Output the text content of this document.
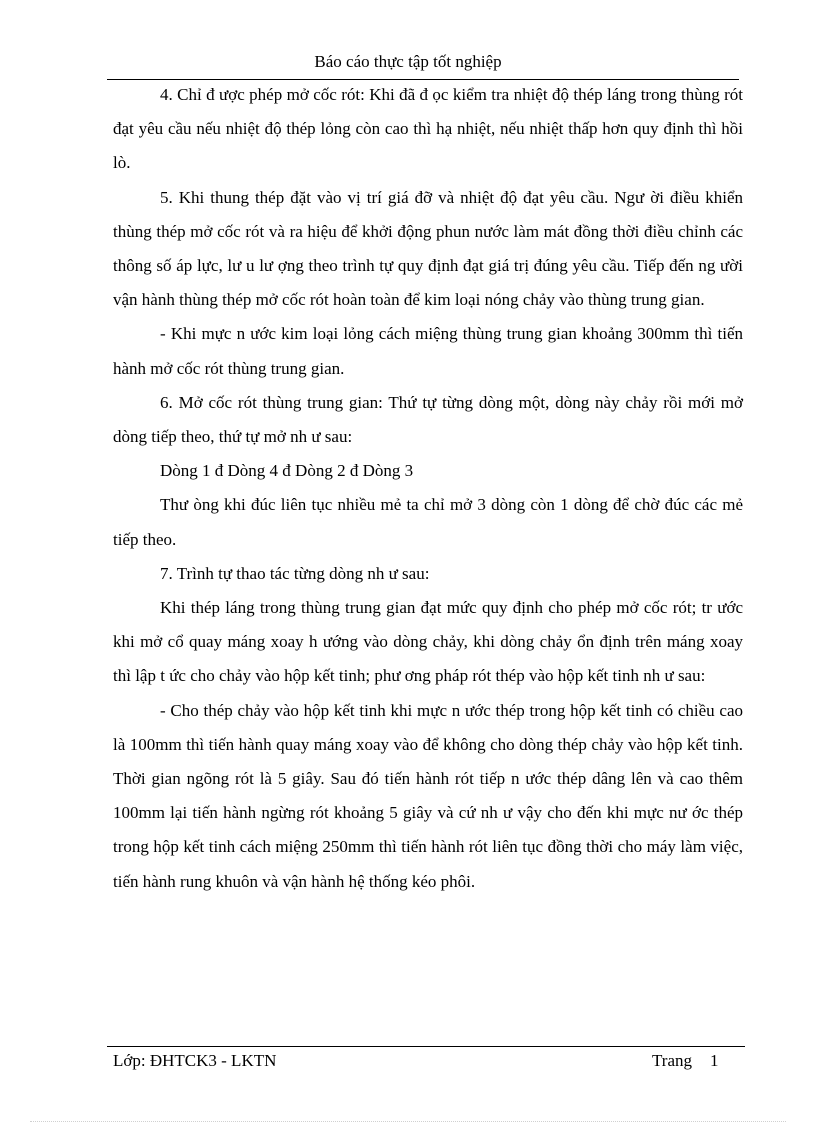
Báo cáo thực tập tốt nghiệp

4. Chỉ đ ược phép mở cốc rót: Khi đã đ ọc kiểm tra nhiệt độ thép láng trong thùng rót đạt yêu cầu nếu nhiệt độ thép lỏng còn cao thì hạ nhiệt, nếu nhiệt thấp hơn quy định thì hồi lò.

5. Khi thung thép đặt vào vị trí giá đỡ và nhiệt độ đạt yêu cầu. Ngư ời điều khiển thùng thép mở cốc rót và ra hiệu để khởi động phun nước làm mát đồng thời điều chỉnh các thông số áp lực, lư u lư ợng theo trình tự quy định đạt giá trị đúng yêu cầu. Tiếp đến ng ười vận hành thùng thép mở cốc rót hoàn toàn để kim loại nóng chảy vào thùng trung gian.

- Khi mực n ước kim loại lỏng cách miệng thùng trung gian khoảng 300mm thì tiến hành mở cốc rót thùng trung gian.

6. Mở cốc rót thùng trung gian: Thứ tự từng dòng một, dòng này chảy rồi mới mở dòng tiếp theo, thứ tự mở nh ư sau:

Dòng 1 đ Dòng 4 đ Dòng 2 đ Dòng 3

Thư òng khi đúc liên tục nhiều mẻ ta chỉ mở 3 dòng còn 1 dòng để chờ đúc các mẻ tiếp theo.

7. Trình tự thao tác từng dòng nh ư sau:

Khi thép láng trong thùng trung gian đạt mức quy định cho phép mở cốc rót; tr ước khi mở cổ quay máng xoay h ướng vào dòng chảy, khi dòng chảy ổn định trên máng xoay thì lập t ức cho chảy vào hộp kết tinh; phư ơng pháp rót thép vào hộp kết tinh nh ư sau:

- Cho thép chảy vào hộp kết tinh khi mực n ước thép trong hộp kết tinh có chiều cao là 100mm thì tiến hành quay máng xoay vào để không cho dòng thép chảy vào hộp kết tinh. Thời gian ngõng rót là 5 giây. Sau đó tiến hành rót tiếp n ước thép dâng lên và cao thêm 100mm lại tiến hành ngừng rót khoảng 5 giây và cứ nh ư vậy cho đến khi mực nư ớc thép trong hộp kết tinh cách miệng 250mm thì tiến hành rót liên tục đồng thời cho máy làm việc, tiến hành rung khuôn và vận hành hệ thống kéo phôi.

Lớp: ĐHTCK3 - LKTN	Trang 1
